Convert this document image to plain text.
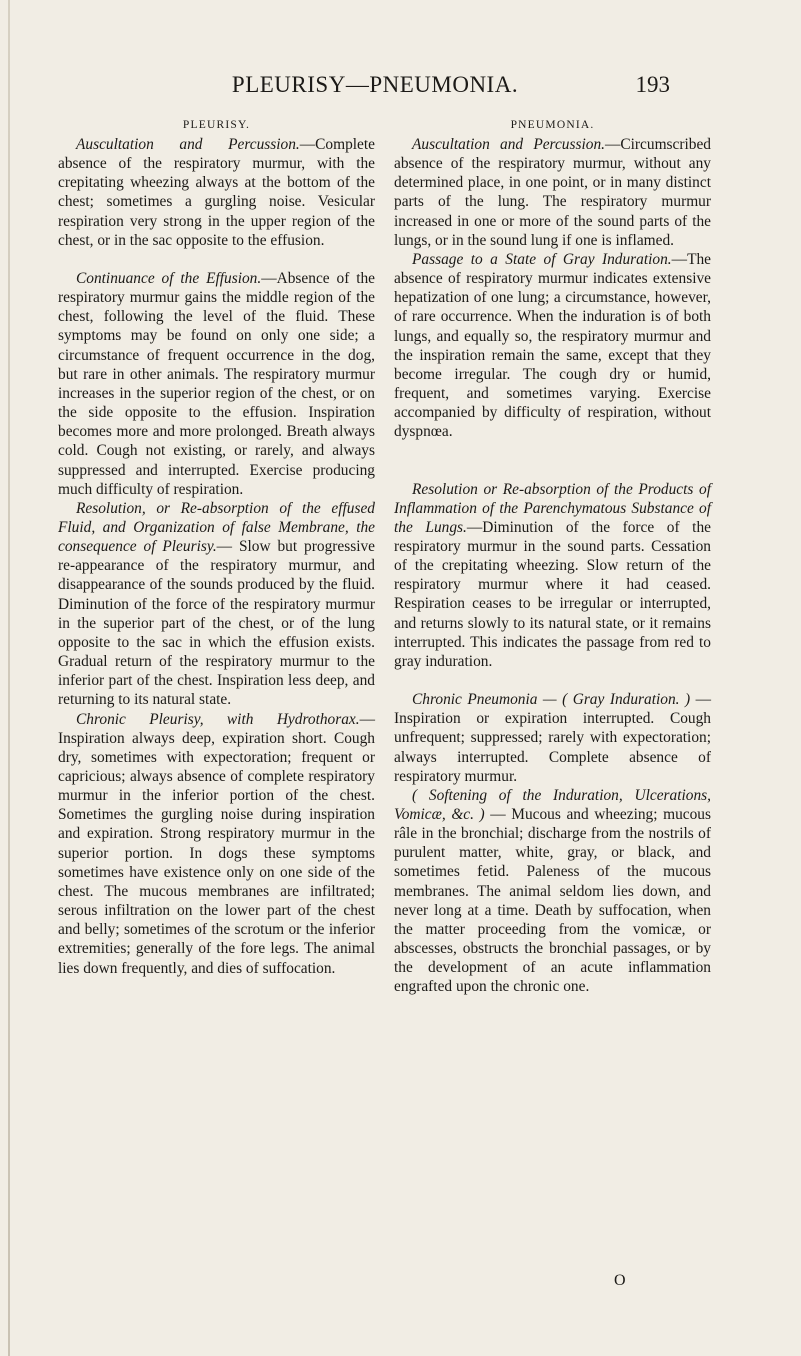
PLEURISY—PNEUMONIA.	193
PLEURISY.

Auscultation and Percussion.—Complete absence of the respiratory murmur, with the crepitating wheezing always at the bottom of the chest; sometimes a gurgling noise. Vesicular respiration very strong in the upper region of the chest, or in the sac opposite to the effusion.

Continuance of the Effusion.—Absence of the respiratory murmur gains the middle region of the chest, following the level of the fluid. These symptoms may be found on only one side; a circumstance of frequent occurrence in the dog, but rare in other animals. The respiratory murmur increases in the superior region of the chest, or on the side opposite to the effusion. Inspiration becomes more and more prolonged. Breath always cold. Cough not existing, or rarely, and always suppressed and interrupted. Exercise producing much difficulty of respiration.

Resolution, or Re-absorption of the effused Fluid, and Organization of false Membrane, the consequence of Pleurisy.— Slow but progressive re-appearance of the respiratory murmur, and disappearance of the sounds produced by the fluid. Diminution of the force of the respiratory murmur in the superior part of the chest, or of the lung opposite to the sac in which the effusion exists. Gradual return of the respiratory murmur to the inferior part of the chest. Inspiration less deep, and returning to its natural state.

Chronic Pleurisy, with Hydrothorax.— Inspiration always deep, expiration short. Cough dry, sometimes with expectoration; frequent or capricious; always absence of complete respiratory murmur in the inferior portion of the chest. Sometimes the gurgling noise during inspiration and expiration. Strong respiratory murmur in the superior portion. In dogs these symptoms sometimes have existence only on one side of the chest. The mucous membranes are infiltrated; serous infiltration on the lower part of the chest and belly; sometimes of the scrotum or the inferior extremities; generally of the fore legs. The animal lies down frequently, and dies of suffocation.

PNEUMONIA.

Auscultation and Percussion.—Circumscribed absence of the respiratory murmur, without any determined place, in one point, or in many distinct parts of the lung. The respiratory murmur increased in one or more of the sound parts of the lungs, or in the sound lung if one is inflamed.

Passage to a State of Gray Induration.—The absence of respiratory murmur indicates extensive hepatization of one lung; a circumstance, however, of rare occurrence. When the induration is of both lungs, and equally so, the respiratory murmur and the inspiration remain the same, except that they become irregular. The cough dry or humid, frequent, and sometimes varying. Exercise accompanied by difficulty of respiration, without dyspnœa.

Resolution or Re-absorption of the Products of Inflammation of the Parenchymatous Substance of the Lungs.—Diminution of the force of the respiratory murmur in the sound parts. Cessation of the crepitating wheezing. Slow return of the respiratory murmur where it had ceased. Respiration ceases to be irregular or interrupted, and returns slowly to its natural state, or it remains interrupted. This indicates the passage from red to gray induration.

Chronic Pneumonia — ( Gray Induration. ) — Inspiration or expiration interrupted. Cough unfrequent; suppressed; rarely with expectoration; always interrupted. Complete absence of respiratory murmur.

( Softening of the Induration, Ulcerations, Vomicæ, &c. ) — Mucous and wheezing; mucous râle in the bronchial; discharge from the nostrils of purulent matter, white, gray, or black, and sometimes fetid. Paleness of the mucous membranes. The animal seldom lies down, and never long at a time. Death by suffocation, when the matter proceeding from the vomicæ, or abscesses, obstructs the bronchial passages, or by the development of an acute inflammation engrafted upon the chronic one.

O
